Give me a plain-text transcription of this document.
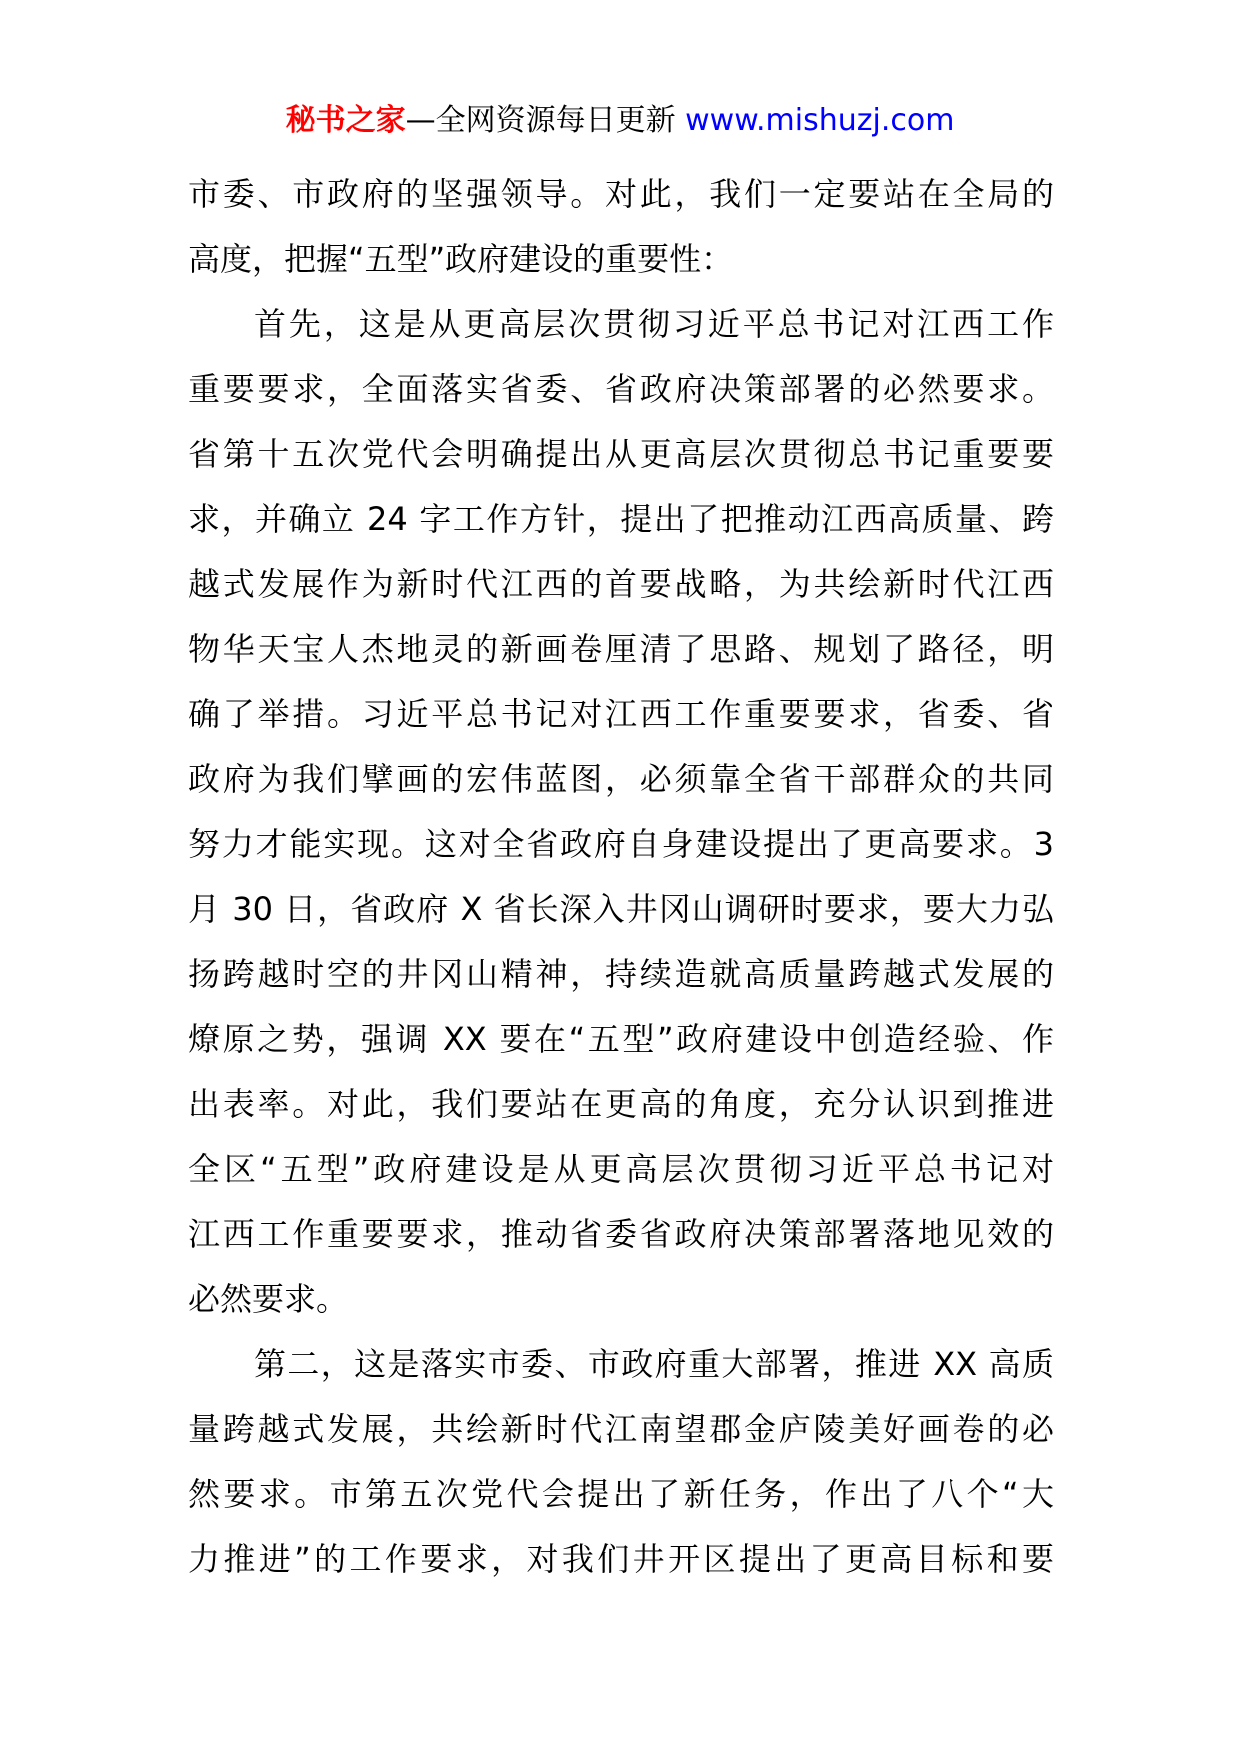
秘书之家—全网资源每日更新 www.mishuzj.com
市委、市政府的坚强领导。对此，我们一定要站在全局的
高度，把握“五型”政府建设的重要性：
首先，这是从更高层次贯彻习近平总书记对江西工作
重要要求，全面落实省委、省政府决策部署的必然要求。
省第十五次党代会明确提出从更高层次贯彻总书记重要要
求，并确立 24 字工作方针，提出了把推动江西高质量、跨
越式发展作为新时代江西的首要战略，为共绘新时代江西
物华天宝人杰地灵的新画卷厘清了思路、规划了路径，明
确了举措。习近平总书记对江西工作重要要求，省委、省
政府为我们擘画的宏伟蓝图，必须靠全省干部群众的共同
努力才能实现。这对全省政府自身建设提出了更高要求。3
月 30 日，省政府 X 省长深入井冈山调研时要求，要大力弘
扬跨越时空的井冈山精神，持续造就高质量跨越式发展的
燎原之势，强调 XX 要在“五型”政府建设中创造经验、作
出表率。对此，我们要站在更高的角度，充分认识到推进
全区“五型”政府建设是从更高层次贯彻习近平总书记对
江西工作重要要求，推动省委省政府决策部署落地见效的
必然要求。
第二，这是落实市委、市政府重大部署，推进 XX 高质
量跨越式发展，共绘新时代江南望郡金庐陵美好画卷的必
然要求。市第五次党代会提出了新任务，作出了八个“大
力推进”的工作要求，对我们井开区提出了更高目标和要
